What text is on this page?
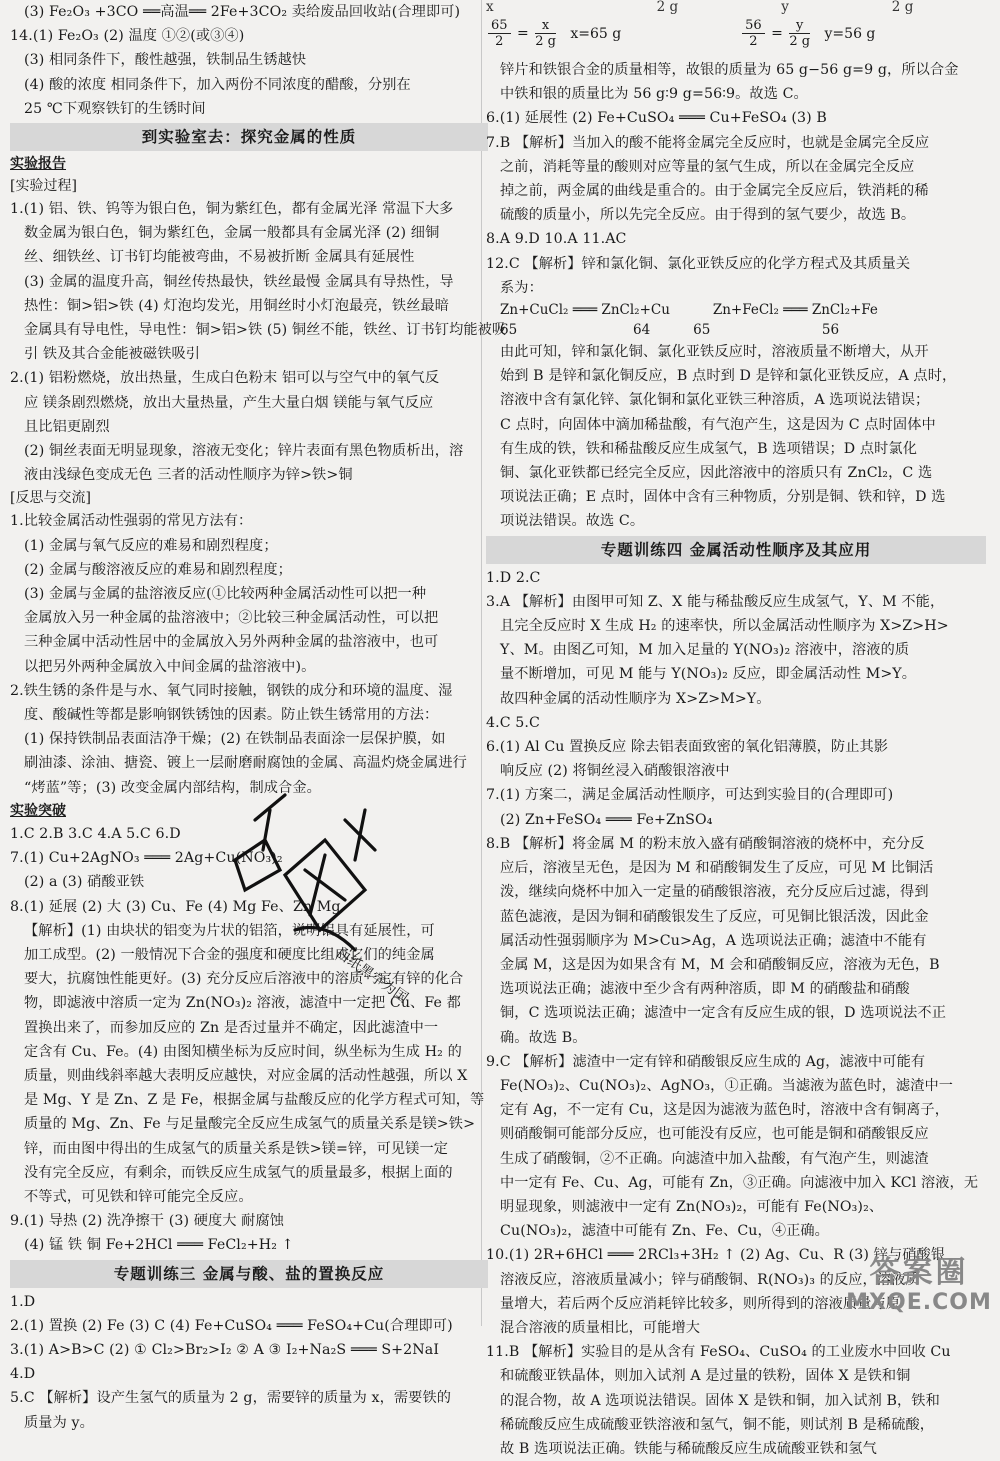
(3) Fe₂O₃ +3CO ══高温══ 2Fe+3CO₂ 卖给废品回收站(合理即可)
14.(1) Fe₂O₃ (2) 温度 ①②(或③④)
(3) 相同条件下，酸性越强，铁制品生锈越快
(4) 酸的浓度 相同条件下，加入两份不同浓度的醋酸，分别在
25 ℃下观察铁钉的生锈时间
到实验室去：探究金属的性质
实验报告
[实验过程]
1.(1) 铝、铁、钨等为银白色，铜为紫红色，都有金属光泽 常温下大多
数金属为银白色，铜为紫红色，金属一般都具有金属光泽 (2) 细铜
丝、细铁丝、订书钉均能被弯曲，不易被折断 金属具有延展性
(3) 金属的温度升高，铜丝传热最快，铁丝最慢 金属具有导热性，导
热性：铜>铝>铁 (4) 灯泡均发光，用铜丝时小灯泡最亮，铁丝最暗
金属具有导电性，导电性：铜>铝>铁 (5) 铜丝不能，铁丝、订书钉均能被吸
引 铁及其合金能被磁铁吸引
2.(1) 铝粉燃烧，放出热量，生成白色粉末 铝可以与空气中的氧气反
应 镁条剧烈燃烧，放出大量热量，产生大量白烟 镁能与氧气反应
且比铝更剧烈
(2) 铜丝表面无明显现象，溶液无变化；锌片表面有黑色物质析出，溶
液由浅绿色变成无色 三者的活动性顺序为锌>铁>铜
[反思与交流]
1.比较金属活动性强弱的常见方法有：
(1) 金属与氧气反应的难易和剧烈程度；
(2) 金属与酸溶液反应的难易和剧烈程度；
(3) 金属与金属的盐溶液反应(①比较两种金属活动性可以把一种
金属放入另一种金属的盐溶液中；②比较三种金属活动性，可以把
三种金属中活动性居中的金属放入另外两种金属的盐溶液中，也可
以把另外两种金属放入中间金属的盐溶液中)。
2.铁生锈的条件是与水、氧气同时接触，钢铁的成分和环境的温度、湿
度、酸碱性等都是影响钢铁锈蚀的因素。防止铁生锈常用的方法：
(1) 保持铁制品表面洁净干燥；(2) 在铁制品表面涂一层保护膜，如
刷油漆、涂油、搪瓷、镀上一层耐磨耐腐蚀的金属、高温灼烧金属进行
“烤蓝”等；(3) 改变金属内部结构，制成合金。
实验突破
1.C 2.B 3.C 4.A 5.C 6.D
7.(1) Cu+2AgNO₃ ═══ 2Ag+Cu(NO₃)₂
(2) a (3) 硝酸亚铁
8.(1) 延展 (2) 大 (3) Cu、Fe (4) Mg Fe、Zn Mg
【解析】(1) 由块状的铝变为片状的铝箔，说明铝具有延展性，可
加工成型。(2) 一般情况下合金的强度和硬度比组成它们的纯金属
要大，抗腐蚀性能更好。(3) 充分反应后溶液中的溶质一定有锌的化合
物，即滤液中溶质一定为 Zn(NO₃)₂ 溶液，滤渣中一定把 Cu、Fe 都
置换出来了，而参加反应的 Zn 是否过量并不确定，因此滤渣中一
定含有 Cu、Fe。(4) 由图知横坐标为反应时间，纵坐标为生成 H₂ 的
质量，则曲线斜率越大表明反应越快，对应金属的活动性越强，所以 X
是 Mg、Y 是 Zn、Z 是 Fe，根据金属与盐酸反应的化学方程式可知，等
质量的 Mg、Zn、Fe 与足量酸完全反应生成氢气的质量关系是镁>铁>
锌，而由图中得出的生成氢气的质量关系是铁>镁=锌，可见镁一定
没有完全反应，有剩余，而铁反应生成氢气的质量最多，根据上面的
不等式，可见铁和锌可能完全反应。
9.(1) 导热 (2) 洗净擦干 (3) 硬度大 耐腐蚀
(4) 锰 铁 铜 Fe+2HCl ═══ FeCl₂+H₂ ↑
专题训练三 金属与酸、盐的置换反应
1.D
2.(1) 置换 (2) Fe (3) C (4) Fe+CuSO₄ ═══ FeSO₄+Cu(合理即可)
3.(1) A>B>C (2) ① Cl₂>Br₂>I₂ ② A ③ I₂+Na₂S ═══ S+2NaI
4.D
5.C 【解析】设产生氢气的质量为 2 g，需要锌的质量为 x，需要铁的
质量为 y。
白纸黑字为国
x                                      2 g                        y                        2 g
$\frac{65}{2} = \frac{x}{2 g} x=65$ g	$\frac{56}{2} = \frac{y}{2 g} y=56$ g
锌片和铁银合金的质量相等，故银的质量为 65 g−56 g=9 g，所以合金
中铁和银的质量比为 56 g∶9 g=56∶9。故选 C。
6.(1) 延展性 (2) Fe+CuSO₄ ═══ Cu+FeSO₄ (3) B
7.B 【解析】当加入的酸不能将金属完全反应时，也就是金属完全反应
之前，消耗等量的酸则对应等量的氢气生成，所以在金属完全反应
掉之前，两金属的曲线是重合的。由于金属完全反应后，铁消耗的稀
硫酸的质量小，所以先完全反应。由于得到的氢气要少，故选 B。
8.A 9.D 10.A 11.AC
12.C 【解析】锌和氯化铜、氯化亚铁反应的化学方程式及其质量关
系为：
Zn+CuCl₂ ═══ ZnCl₂+Cu          Zn+FeCl₂ ═══ ZnCl₂+Fe
65                           64          65                          56
由此可知，锌和氯化铜、氯化亚铁反应时，溶液质量不断增大，从开
始到 B 是锌和氯化铜反应，B 点时到 D 是锌和氯化亚铁反应，A 点时，
溶液中含有氯化锌、氯化铜和氯化亚铁三种溶质，A 选项说法错误；
C 点时，向固体中滴加稀盐酸，有气泡产生，这是因为 C 点时固体中
有生成的铁，铁和稀盐酸反应生成氢气，B 选项错误；D 点时氯化
铜、氯化亚铁都已经完全反应，因此溶液中的溶质只有 ZnCl₂，C 选
项说法正确；E 点时，固体中含有三种物质，分别是铜、铁和锌，D 选
项说法错误。故选 C。
专题训练四 金属活动性顺序及其应用
1.D 2.C
3.A 【解析】由图甲可知 Z、X 能与稀盐酸反应生成氢气，Y、M 不能，
且完全反应时 X 生成 H₂ 的速率快，所以金属活动性顺序为 X>Z>H>
Y、M。由图乙可知，M 加入足量的 Y(NO₃)₂ 溶液中，溶液的质
量不断增加，可见 M 能与 Y(NO₃)₂ 反应，即金属活动性 M>Y。
故四种金属的活动性顺序为 X>Z>M>Y。
4.C 5.C
6.(1) Al Cu 置换反应 除去铝表面致密的氧化铝薄膜，防止其影
响反应 (2) 将铜丝浸入硝酸银溶液中
7.(1) 方案二，满足金属活动性顺序，可达到实验目的(合理即可)
(2) Zn+FeSO₄ ═══ Fe+ZnSO₄
8.B 【解析】将金属 M 的粉末放入盛有硝酸铜溶液的烧杯中，充分反
应后，溶液呈无色，是因为 M 和硝酸铜发生了反应，可见 M 比铜活
泼，继续向烧杯中加入一定量的硝酸银溶液，充分反应后过滤，得到
蓝色滤液，是因为铜和硝酸银发生了反应，可见铜比银活泼，因此金
属活动性强弱顺序为 M>Cu>Ag，A 选项说法正确；滤渣中不能有
金属 M，这是因为如果含有 M，M 会和硝酸铜反应，溶液为无色，B
选项说法正确；滤液中至少含有两种溶质，即 M 的硝酸盐和硝酸
铜，C 选项说法正确；滤渣中一定含有反应生成的银，D 选项说法不正
确。故选 B。
9.C 【解析】滤渣中一定有锌和硝酸银反应生成的 Ag，滤液中可能有
Fe(NO₃)₂、Cu(NO₃)₂、AgNO₃，①正确。当滤液为蓝色时，滤渣中一
定有 Ag，不一定有 Cu，这是因为滤液为蓝色时，溶液中含有铜离子，
则硝酸铜可能部分反应，也可能没有反应，也可能是铜和硝酸银反应
生成了硝酸铜，②不正确。向滤渣中加入盐酸，有气泡产生，则滤渣
中一定有 Fe、Cu、Ag，可能有 Zn，③正确。向滤液中加入 KCl 溶液，无
明显现象，则滤液中一定有 Zn(NO₃)₂，可能有 Fe(NO₃)₂、
Cu(NO₃)₂，滤渣中可能有 Zn、Fe、Cu，④正确。
10.(1) 2R+6HCl ═══ 2RCl₃+3H₂ ↑ (2) Ag、Cu、R (3) 锌与硝酸银
溶液反应，溶液质量减小；锌与硝酸铜、R(NO₃)₃ 的反应，溶液质
量增大，若后两个反应消耗锌比较多，则所得到的溶液质量与原
混合溶液的质量相比，可能增大
11.B 【解析】实验目的是从含有 FeSO₄、CuSO₄ 的工业废水中回收 Cu
和硫酸亚铁晶体，则加入试剂 A 是过量的铁粉，固体 X 是铁和铜
的混合物，故 A 选项说法错误。固体 X 是铁和铜，加入试剂 B，铁和
稀硫酸反应生成硫酸亚铁溶液和氢气，铜不能，则试剂 B 是稀硫酸，
故 B 选项说法正确。铁能与稀硫酸反应生成硫酸亚铁和氢气
答案圈
MXQE.COM
